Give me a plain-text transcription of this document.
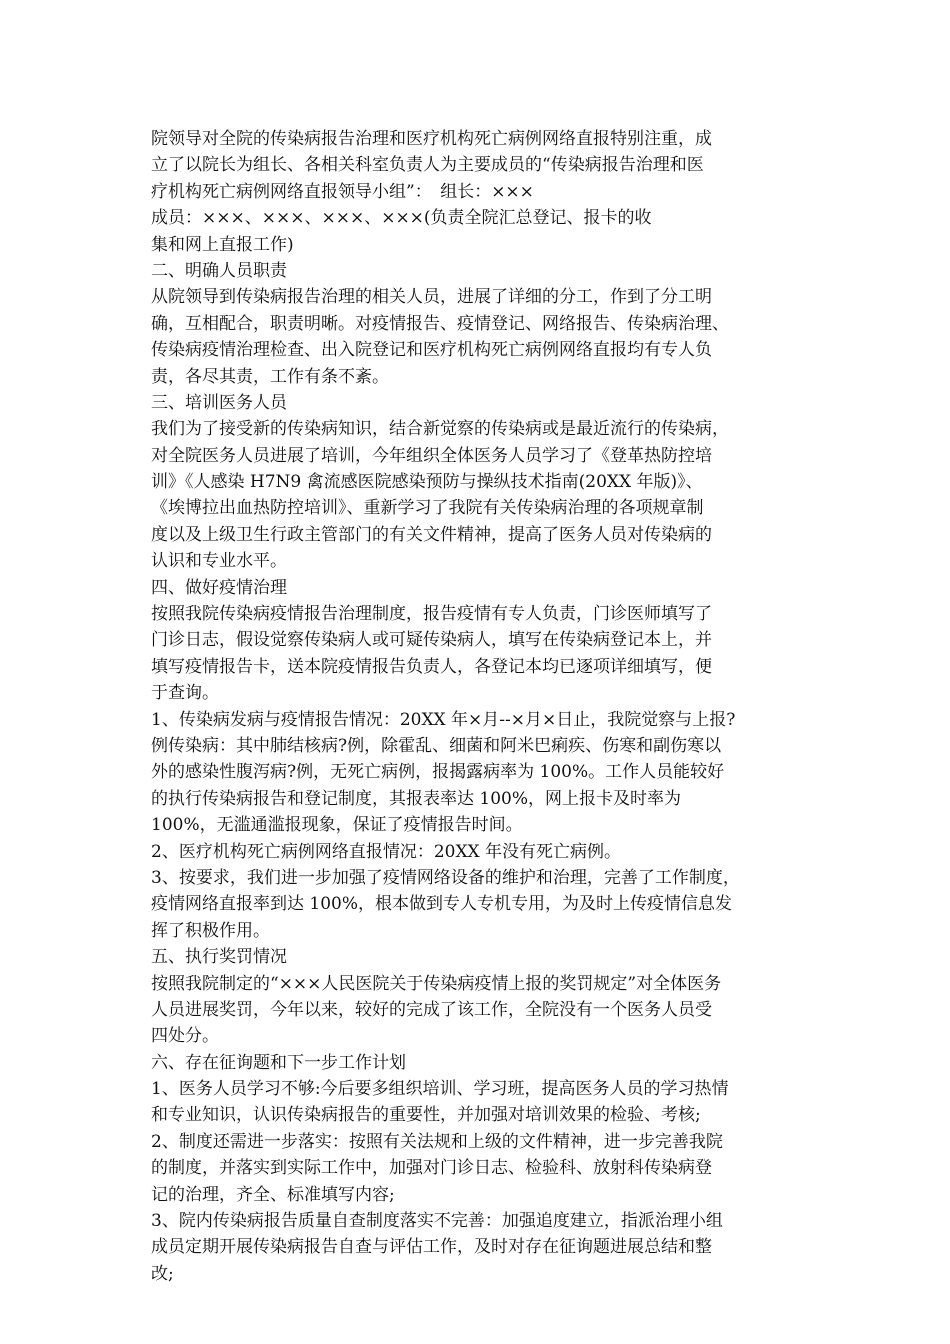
院领导对全院的传染病报告治理和医疗机构死亡病例网络直报特别注重，成
立了以院长为组长、各相关科室负责人为主要成员的“传染病报告治理和医
疗机构死亡病例网络直报领导小组”：　组长：×××
成员：×××、×××、×××、×××(负责全院汇总登记、报卡的收
集和网上直报工作)
二、明确人员职责
从院领导到传染病报告治理的相关人员，进展了详细的分工，作到了分工明
确，互相配合，职责明晰。对疫情报告、疫情登记、网络报告、传染病治理、
传染病疫情治理检查、出入院登记和医疗机构死亡病例网络直报均有专人负
责，各尽其责，工作有条不紊。
三、培训医务人员
我们为了接受新的传染病知识，结合新觉察的传染病或是最近流行的传染病，
对全院医务人员进展了培训，今年组织全体医务人员学习了《登革热防控培
训》《人感染 H7N9 禽流感医院感染预防与操纵技术指南(20XX 年版)》、
《埃博拉出血热防控培训》、重新学习了我院有关传染病治理的各项规章制
度以及上级卫生行政主管部门的有关文件精神，提高了医务人员对传染病的
认识和专业水平。
四、做好疫情治理
按照我院传染病疫情报告治理制度，报告疫情有专人负责，门诊医师填写了
门诊日志，假设觉察传染病人或可疑传染病人，填写在传染病登记本上，并
填写疫情报告卡，送本院疫情报告负责人，各登记本均已逐项详细填写，便
于查询。
1、传染病发病与疫情报告情况：20XX 年×月--×月×日止，我院觉察与上报?
例传染病：其中肺结核病?例，除霍乱、细菌和阿米巴痢疾、伤寒和副伤寒以
外的感染性腹泻病?例，无死亡病例，报揭露病率为 100%。工作人员能较好
的执行传染病报告和登记制度，其报表率达 100%，网上报卡及时率为
100%，无滥通滥报现象，保证了疫情报告时间。
2、医疗机构死亡病例网络直报情况：20XX 年没有死亡病例。
3、按要求，我们进一步加强了疫情网络设备的维护和治理，完善了工作制度，
疫情网络直报率到达 100%，根本做到专人专机专用，为及时上传疫情信息发
挥了积极作用。
五、执行奖罚情况
按照我院制定的“×××人民医院关于传染病疫情上报的奖罚规定”对全体医务
人员进展奖罚，今年以来，较好的完成了该工作，全院没有一个医务人员受
四处分。
六、存在征询题和下一步工作计划
1、医务人员学习不够:今后要多组织培训、学习班，提高医务人员的学习热情
和专业知识，认识传染病报告的重要性，并加强对培训效果的检验、考核;
2、制度还需进一步落实：按照有关法规和上级的文件精神，进一步完善我院
的制度，并落实到实际工作中，加强对门诊日志、检验科、放射科传染病登
记的治理，齐全、标准填写内容;
3、院内传染病报告质量自查制度落实不完善：加强追度建立，指派治理小组
成员定期开展传染病报告自查与评估工作，及时对存在征询题进展总结和整
改;
